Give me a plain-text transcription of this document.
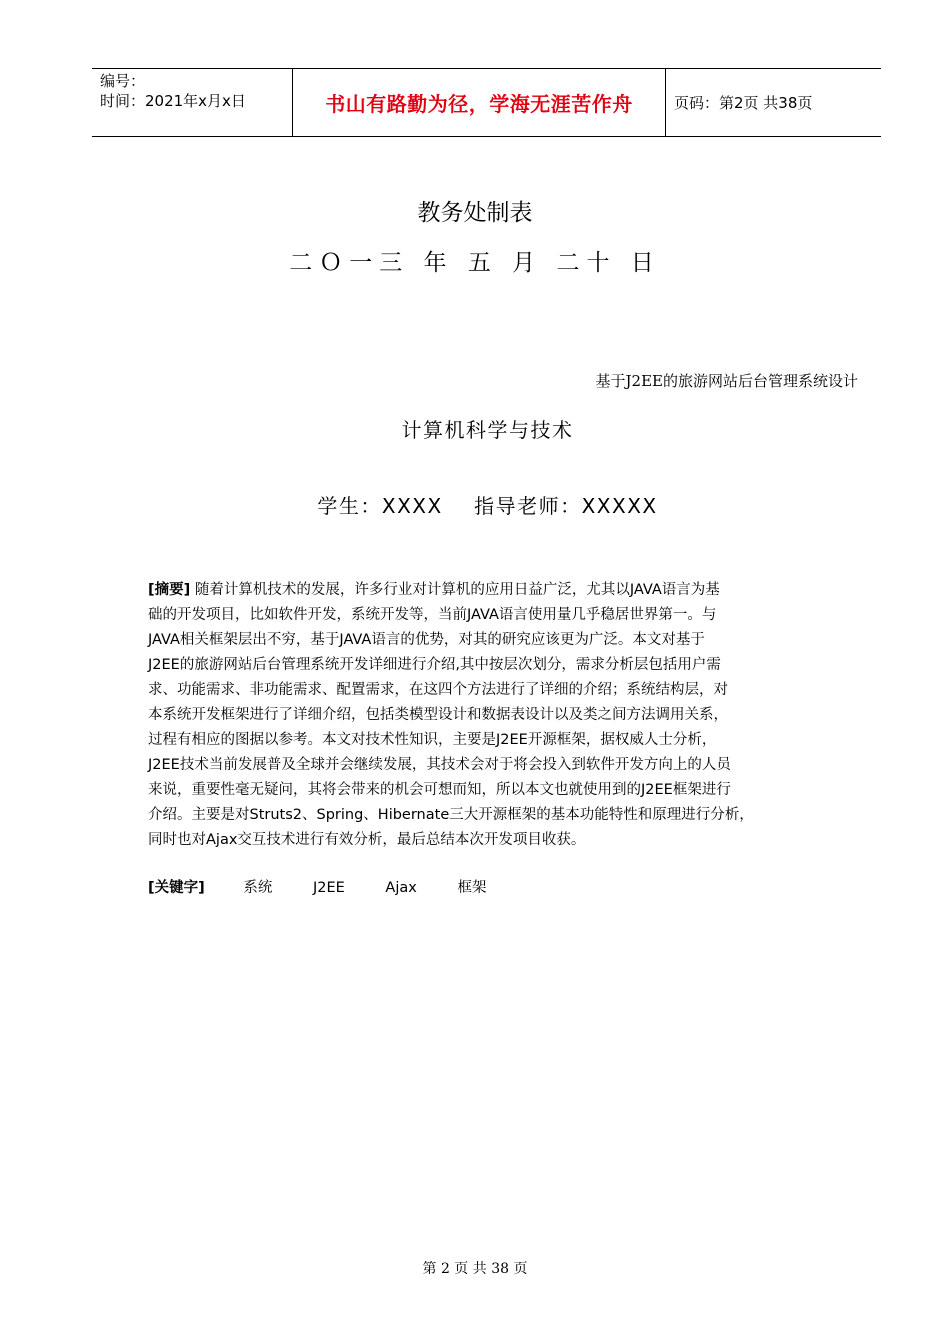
编号：
时间：2021年x月x日	书山有路勤为径，学海无涯苦作舟	页码：第2页 共38页
教务处制表
二Ｏ一三 年 五 月 二十 日
基于J2EE的旅游网站后台管理系统设计
计算机科学与技术
学生：XXXX    指导老师：XXXXX
[摘要] 随着计算机技术的发展，许多行业对计算机的应用日益广泛，尤其以JAVA语言为基
础的开发项目，比如软件开发，系统开发等，当前JAVA语言使用量几乎稳居世界第一。与
JAVA相关框架层出不穷，基于JAVA语言的优势，对其的研究应该更为广泛。本文对基于
J2EE的旅游网站后台管理系统开发详细进行介绍,其中按层次划分，需求分析层包括用户需
求、功能需求、非功能需求、配置需求，在这四个方法进行了详细的介绍；系统结构层，对
本系统开发框架进行了详细介绍，包括类模型设计和数据表设计以及类之间方法调用关系，
过程有相应的图据以参考。本文对技术性知识，主要是J2EE开源框架，据权威人士分析，
J2EE技术当前发展普及全球并会继续发展，其技术会对于将会投入到软件开发方向上的人员
来说，重要性毫无疑问，其将会带来的机会可想而知，所以本文也就使用到的J2EE框架进行
介绍。主要是对Struts2、Spring、Hibernate三大开源框架的基本功能特性和原理进行分析，
同时也对Ajax交互技术进行有效分析，最后总结本次开发项目收获。
[关键字]	系统	J2EE	Ajax	框架
第 2 页 共 38 页
